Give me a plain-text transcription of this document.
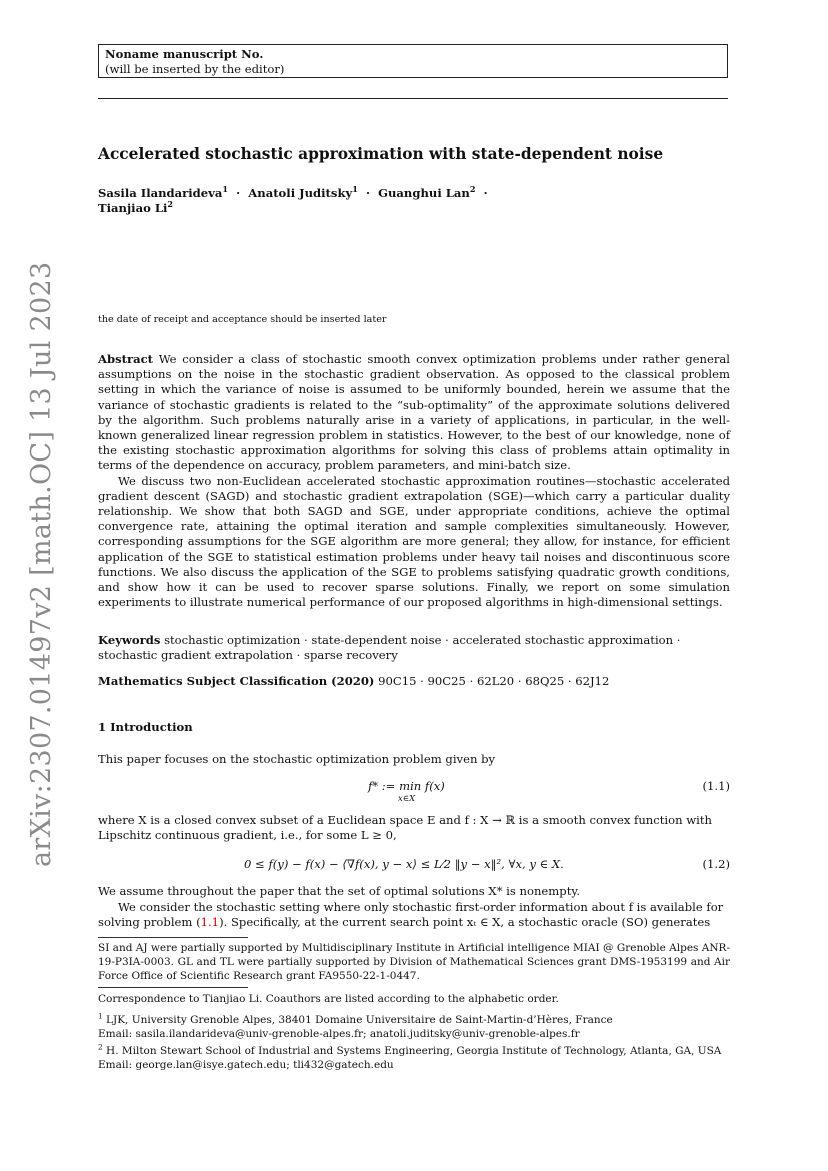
Noname manuscript No.
(will be inserted by the editor)
arXiv:2307.01497v2 [math.OC] 13 Jul 2023
Accelerated stochastic approximation with state-dependent noise
Sasila Ilandarideva$^1$ · Anatoli Juditsky$^1$ · Guanghui Lan$^2$ ·
Tianjiao Li$^2$
the date of receipt and acceptance should be inserted later
Abstract We consider a class of stochastic smooth convex optimization problems under rather general assumptions on the noise in the stochastic gradient observation. As opposed to the classical problem setting in which the variance of noise is assumed to be uniformly bounded, herein we assume that the variance of stochastic gradients is related to the “sub-optimality” of the approximate solutions delivered by the algorithm. Such problems naturally arise in a variety of applications, in particular, in the well-known generalized linear regression problem in statistics. However, to the best of our knowledge, none of the existing stochastic approximation algorithms for solving this class of problems attain optimality in terms of the dependence on accuracy, problem parameters, and mini-batch size.
We discuss two non-Euclidean accelerated stochastic approximation routines—stochastic accelerated gradient descent (SAGD) and stochastic gradient extrapolation (SGE)—which carry a particular duality relationship. We show that both SAGD and SGE, under appropriate conditions, achieve the optimal convergence rate, attaining the optimal iteration and sample complexities simultaneously. However, corresponding assumptions for the SGE algorithm are more general; they allow, for instance, for efficient application of the SGE to statistical estimation problems under heavy tail noises and discontinuous score functions. We also discuss the application of the SGE to problems satisfying quadratic growth conditions, and show how it can be used to recover sparse solutions. Finally, we report on some simulation experiments to illustrate numerical performance of our proposed algorithms in high-dimensional settings.
Keywords stochastic optimization · state-dependent noise · accelerated stochastic approximation ·
stochastic gradient extrapolation · sparse recovery
Mathematics Subject Classification (2020) 90C15 · 90C25 · 62L20 · 68Q25 · 62J12
1 Introduction
This paper focuses on the stochastic optimization problem given by
f* := min f(x)
x∈X
(1.1)
where X is a closed convex subset of a Euclidean space E and f : X → ℝ is a smooth convex function with
Lipschitz continuous gradient, i.e., for some L ≥ 0,
0 ≤ f(y) − f(x) − ⟨∇f(x), y − x⟩ ≤ L⁄2 ‖y − x‖², ∀x, y ∈ X.	(1.2)
We assume throughout the paper that the set of optimal solutions X* is nonempty.
We consider the stochastic setting where only stochastic first-order information about f is available for
solving problem (1.1). Specifically, at the current search point xₜ ∈ X, a stochastic oracle (SO) generates
SI and AJ were partially supported by Multidisciplinary Institute in Artificial intelligence MIAI @ Grenoble Alpes ANR-19-P3IA-0003. GL and TL were partially supported by Division of Mathematical Sciences grant DMS-1953199 and Air Force Office of Scientific Research grant FA9550-22-1-0447.
Correspondence to Tianjiao Li. Coauthors are listed according to the alphabetic order.
$^1$ LJK, University Grenoble Alpes, 38401 Domaine Universitaire de Saint-Martin-d’Hères, France
Email: sasila.ilandarideva@univ-grenoble-alpes.fr; anatoli.juditsky@univ-grenoble-alpes.fr
$^2$ H. Milton Stewart School of Industrial and Systems Engineering, Georgia Institute of Technology, Atlanta, GA, USA
Email: george.lan@isye.gatech.edu; tli432@gatech.edu
